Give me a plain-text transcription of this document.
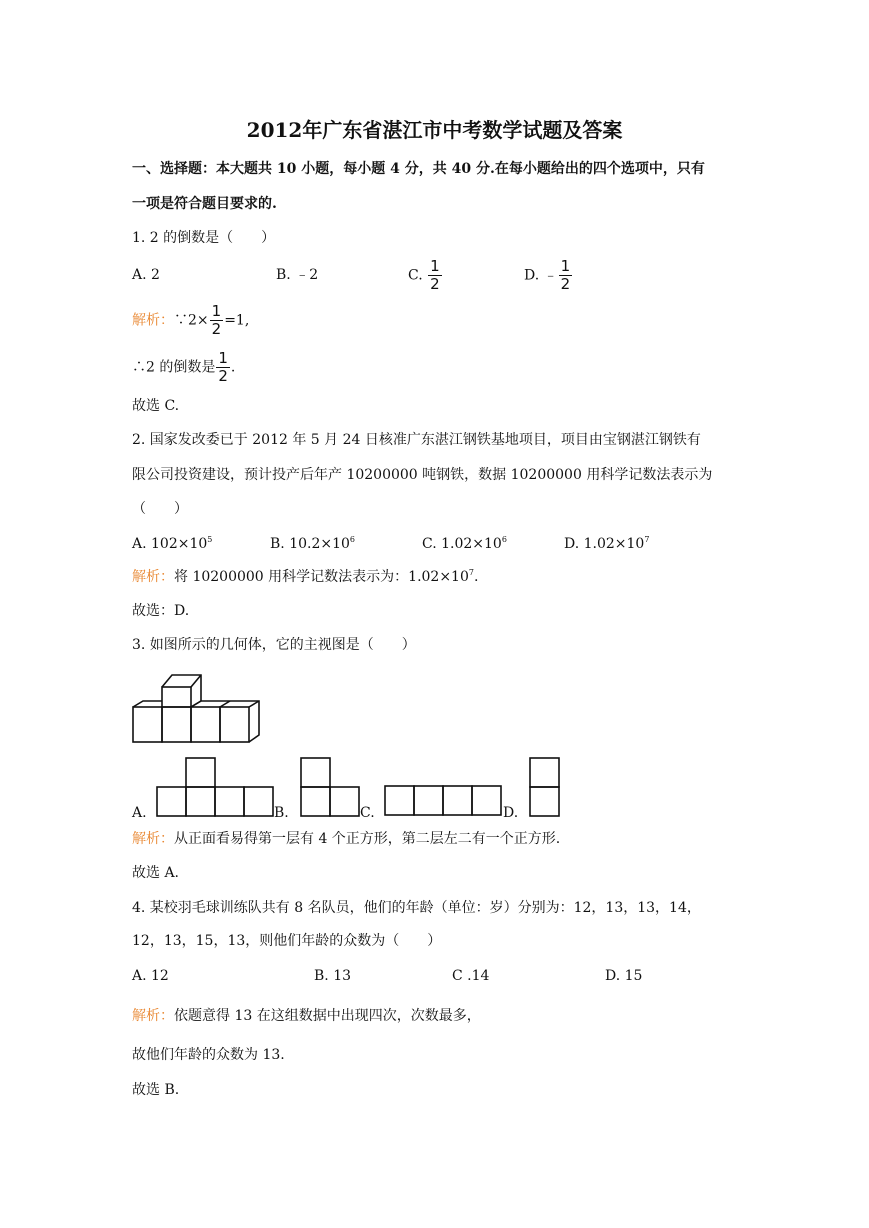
2012年广东省湛江市中考数学试题及答案
一、选择题：本大题共 10 小题，每小题 4 分，共 40 分.在每小题给出的四个选项中，只有
一项是符合题目要求的.
1. 2 的倒数是（　　）
A. 2	B. ﹣2	C. $\frac{1}{2}$	D. ﹣ $\frac{1}{2}$
解析：∵2× $\frac{1}{2} =1$,
∴2 的倒数是 $\frac{1}{2}$ .
故选 C.
2. 国家发改委已于 2012 年 5 月 24 日核准广东湛江钢铁基地项目，项目由宝钢湛江钢铁有
限公司投资建设，预计投产后年产 10200000 吨钢铁，数据 10200000 用科学记数法表示为
（　　）
A. $102\times 10^5$	B. $10.2\times 10^6$	C. $1.02\times 10^6$	D. $1.02\times 10^7$
解析：将 10200000 用科学记数法表示为：$1.02\times 10^7$.
故选：D.
3. 如图所示的几何体，它的主视图是（　　）
A.	B.	C.	D.
解析：从正面看易得第一层有 4 个正方形，第二层左二有一个正方形.
故选 A.
4. 某校羽毛球训练队共有 8 名队员，他们的年龄（单位：岁）分别为：12，13，13，14，
12，13，15，13，则他们年龄的众数为（　　）
A. 12	B. 13	C .14	D. 15
解析：依题意得 13 在这组数据中出现四次，次数最多，
故他们年龄的众数为 13.
故选 B.
